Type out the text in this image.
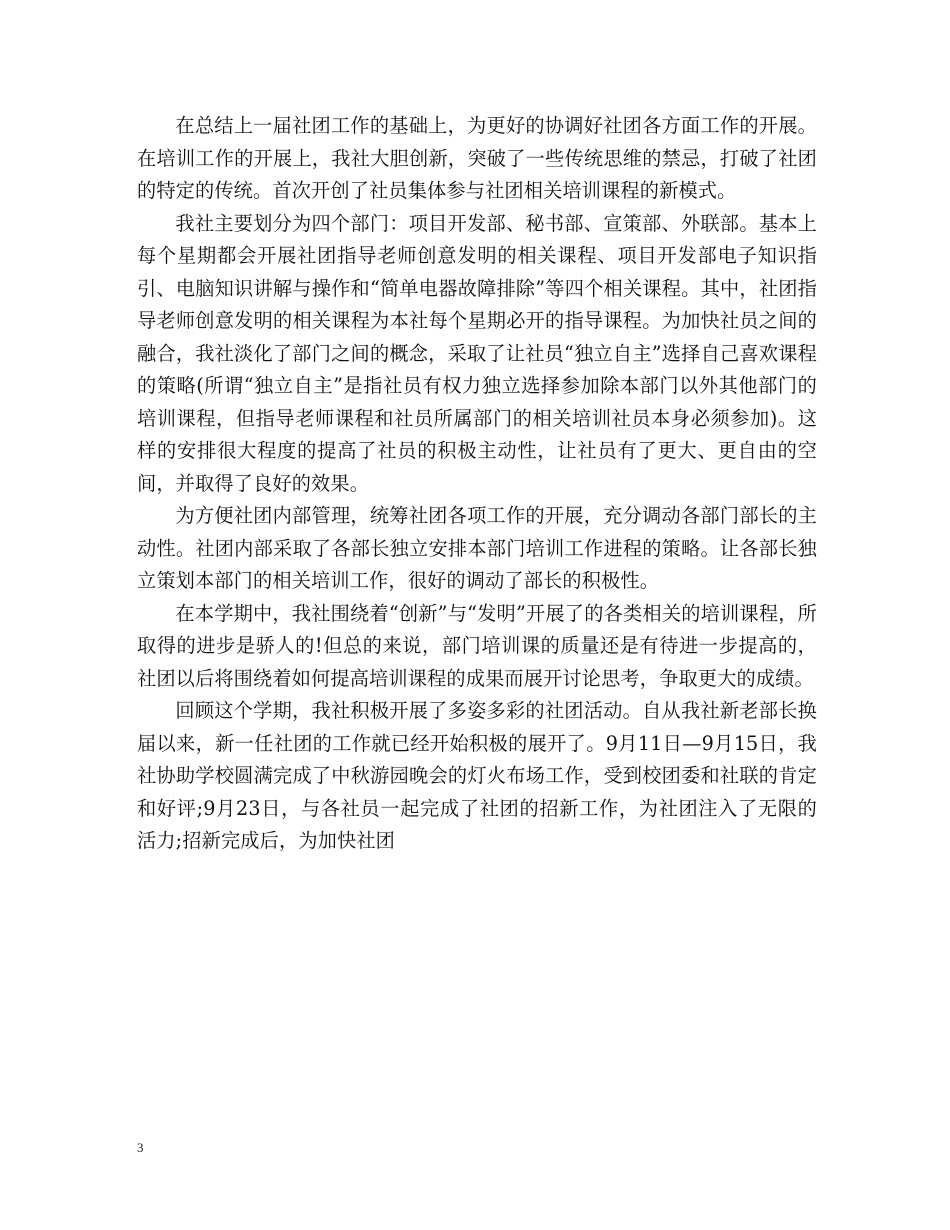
在总结上一届社团工作的基础上，为更好的协调好社团各方面工作的开展。在培训工作的开展上，我社大胆创新，突破了一些传统思维的禁忌，打破了社团的特定的传统。首次开创了社员集体参与社团相关培训课程的新模式。

我社主要划分为四个部门：项目开发部、秘书部、宣策部、外联部。基本上每个星期都会开展社团指导老师创意发明的相关课程、项目开发部电子知识指引、电脑知识讲解与操作和“简单电器故障排除”等四个相关课程。其中，社团指导老师创意发明的相关课程为本社每个星期必开的指导课程。为加快社员之间的融合，我社淡化了部门之间的概念，采取了让社员“独立自主”选择自己喜欢课程的策略(所谓“独立自主”是指社员有权力独立选择参加除本部门以外其他部门的培训课程，但指导老师课程和社员所属部门的相关培训社员本身必须参加)。这样的安排很大程度的提高了社员的积极主动性，让社员有了更大、更自由的空间，并取得了良好的效果。

为方便社团内部管理，统筹社团各项工作的开展，充分调动各部门部长的主动性。社团内部采取了各部长独立安排本部门培训工作进程的策略。让各部长独立策划本部门的相关培训工作，很好的调动了部长的积极性。

在本学期中，我社围绕着“创新”与“发明”开展了的各类相关的培训课程，所取得的进步是骄人的!但总的来说，部门培训课的质量还是有待进一步提高的，社团以后将围绕着如何提高培训课程的成果而展开讨论思考，争取更大的成绩。

回顾这个学期，我社积极开展了多姿多彩的社团活动。自从我社新老部长换届以来，新一任社团的工作就已经开始积极的展开了。9月11日—9月15日，我社协助学校圆满完成了中秋游园晚会的灯火布场工作，受到校团委和社联的肯定和好评;9月23日，与各社员一起完成了社团的招新工作，为社团注入了无限的活力;招新完成后，为加快社团

3
